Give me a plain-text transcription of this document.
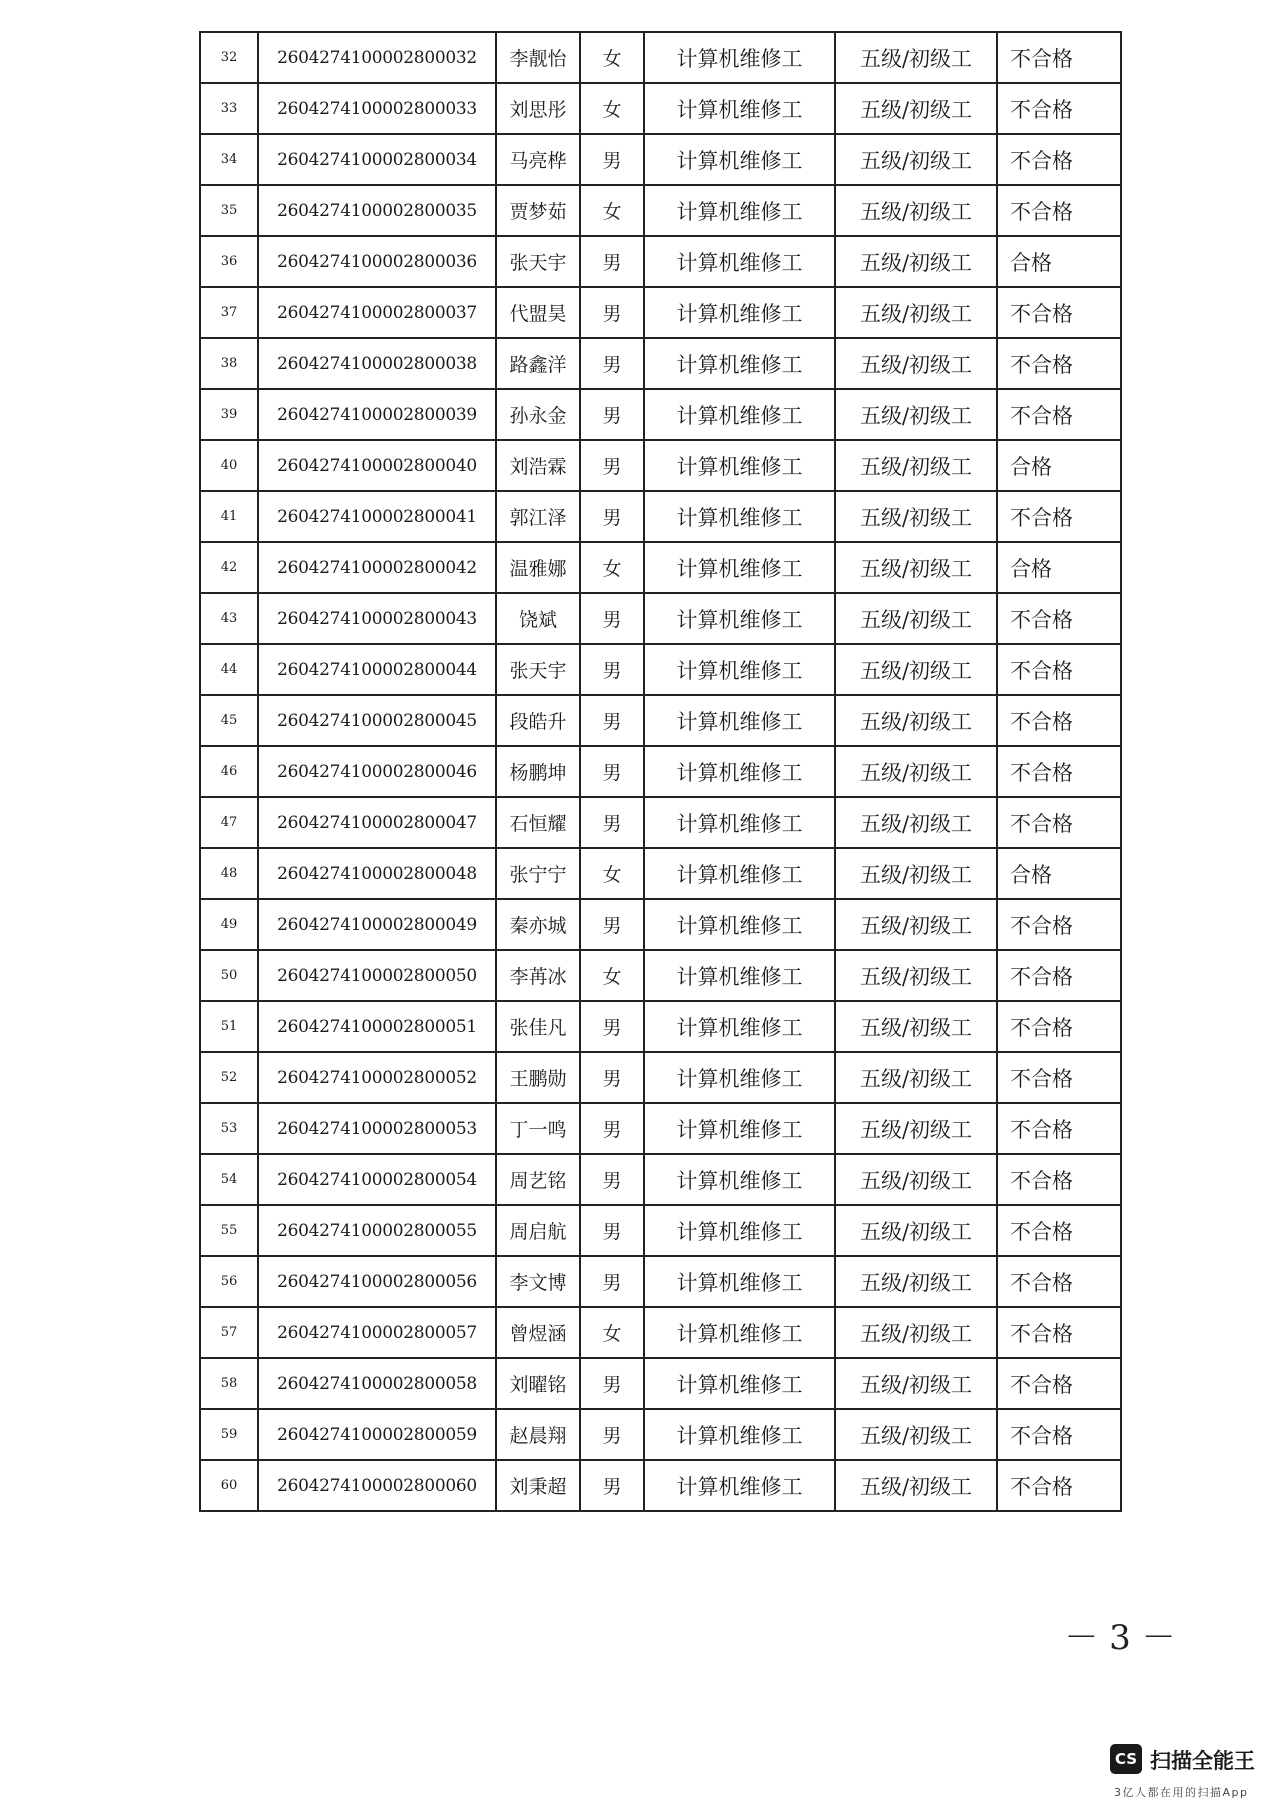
32	2604274100002800032	李靓怡	女	计算机维修工	五级/初级工	不合格
33	2604274100002800033	刘思彤	女	计算机维修工	五级/初级工	不合格
34	2604274100002800034	马亮桦	男	计算机维修工	五级/初级工	不合格
35	2604274100002800035	贾梦茹	女	计算机维修工	五级/初级工	不合格
36	2604274100002800036	张天宇	男	计算机维修工	五级/初级工	合格
37	2604274100002800037	代盟昊	男	计算机维修工	五级/初级工	不合格
38	2604274100002800038	路鑫洋	男	计算机维修工	五级/初级工	不合格
39	2604274100002800039	孙永金	男	计算机维修工	五级/初级工	不合格
40	2604274100002800040	刘浩霖	男	计算机维修工	五级/初级工	合格
41	2604274100002800041	郭江泽	男	计算机维修工	五级/初级工	不合格
42	2604274100002800042	温雅娜	女	计算机维修工	五级/初级工	合格
43	2604274100002800043	饶斌	男	计算机维修工	五级/初级工	不合格
44	2604274100002800044	张天宇	男	计算机维修工	五级/初级工	不合格
45	2604274100002800045	段皓升	男	计算机维修工	五级/初级工	不合格
46	2604274100002800046	杨鹏坤	男	计算机维修工	五级/初级工	不合格
47	2604274100002800047	石恒耀	男	计算机维修工	五级/初级工	不合格
48	2604274100002800048	张宁宁	女	计算机维修工	五级/初级工	合格
49	2604274100002800049	秦亦城	男	计算机维修工	五级/初级工	不合格
50	2604274100002800050	李苒冰	女	计算机维修工	五级/初级工	不合格
51	2604274100002800051	张佳凡	男	计算机维修工	五级/初级工	不合格
52	2604274100002800052	王鹏勋	男	计算机维修工	五级/初级工	不合格
53	2604274100002800053	丁一鸣	男	计算机维修工	五级/初级工	不合格
54	2604274100002800054	周艺铭	男	计算机维修工	五级/初级工	不合格
55	2604274100002800055	周启航	男	计算机维修工	五级/初级工	不合格
56	2604274100002800056	李文博	男	计算机维修工	五级/初级工	不合格
57	2604274100002800057	曾煜涵	女	计算机维修工	五级/初级工	不合格
58	2604274100002800058	刘曜铭	男	计算机维修工	五级/初级工	不合格
59	2604274100002800059	赵晨翔	男	计算机维修工	五级/初级工	不合格
60	2604274100002800060	刘秉超	男	计算机维修工	五级/初级工	不合格
－ 3 －
CS 扫描全能王
3亿人都在用的扫描App
